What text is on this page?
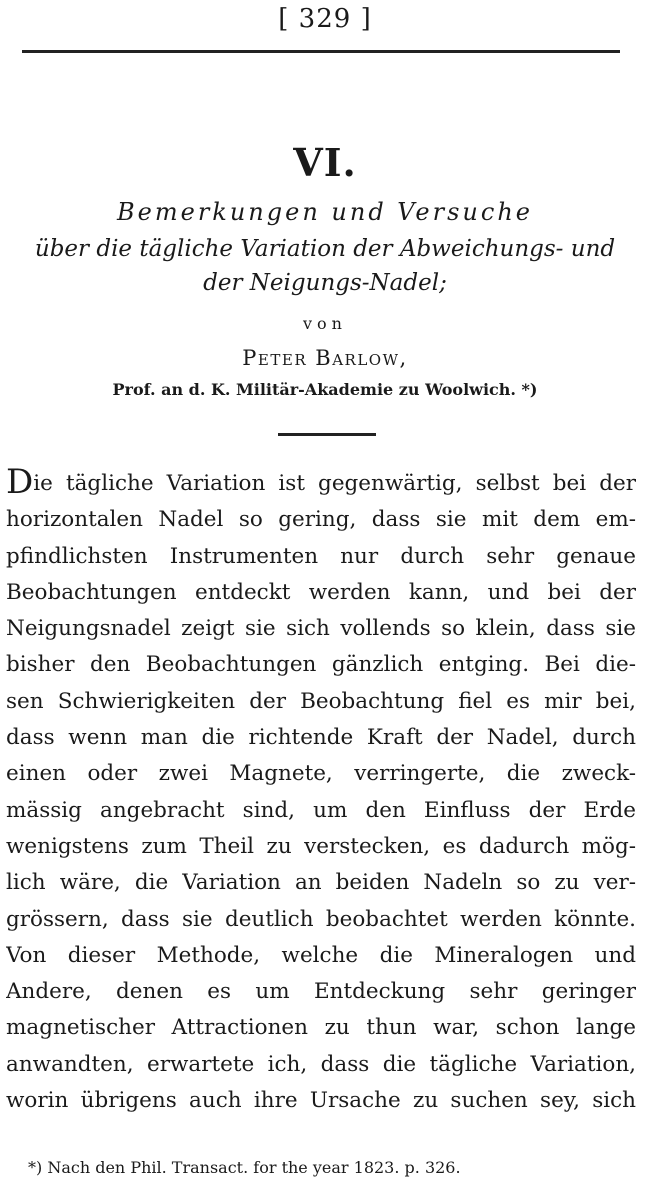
[ 329 ]
VI.
Bemerkungen und Versuche
über die tägliche Variation der Abweichungs- und
der Neigungs-Nadel;
von
Peter Barlow,
Prof. an d. K. Militär-Akademie zu Woolwich. *)
Die tägliche Variation ist gegenwärtig, selbst bei der
horizontalen Nadel so gering, dass sie mit dem em-
pfindlichsten Instrumenten nur durch sehr genaue
Beobachtungen entdeckt werden kann, und bei der
Neigungsnadel zeigt sie sich vollends so klein, dass sie
bisher den Beobachtungen gänzlich entging. Bei die-
sen Schwierigkeiten der Beobachtung fiel es mir bei,
dass wenn man die richtende Kraft der Nadel, durch
einen oder zwei Magnete, verringerte, die zweck-
mässig angebracht sind, um den Einfluss der Erde
wenigstens zum Theil zu verstecken, es dadurch mög-
lich wäre, die Variation an beiden Nadeln so zu ver-
grössern, dass sie deutlich beobachtet werden könnte.
Von dieser Methode, welche die Mineralogen und
Andere, denen es um Entdeckung sehr geringer
magnetischer Attractionen zu thun war, schon lange
anwandten, erwartete ich, dass die tägliche Variation,
worin übrigens auch ihre Ursache zu suchen sey, sich
*) Nach den Phil. Transact. for the year 1823. p. 326.
